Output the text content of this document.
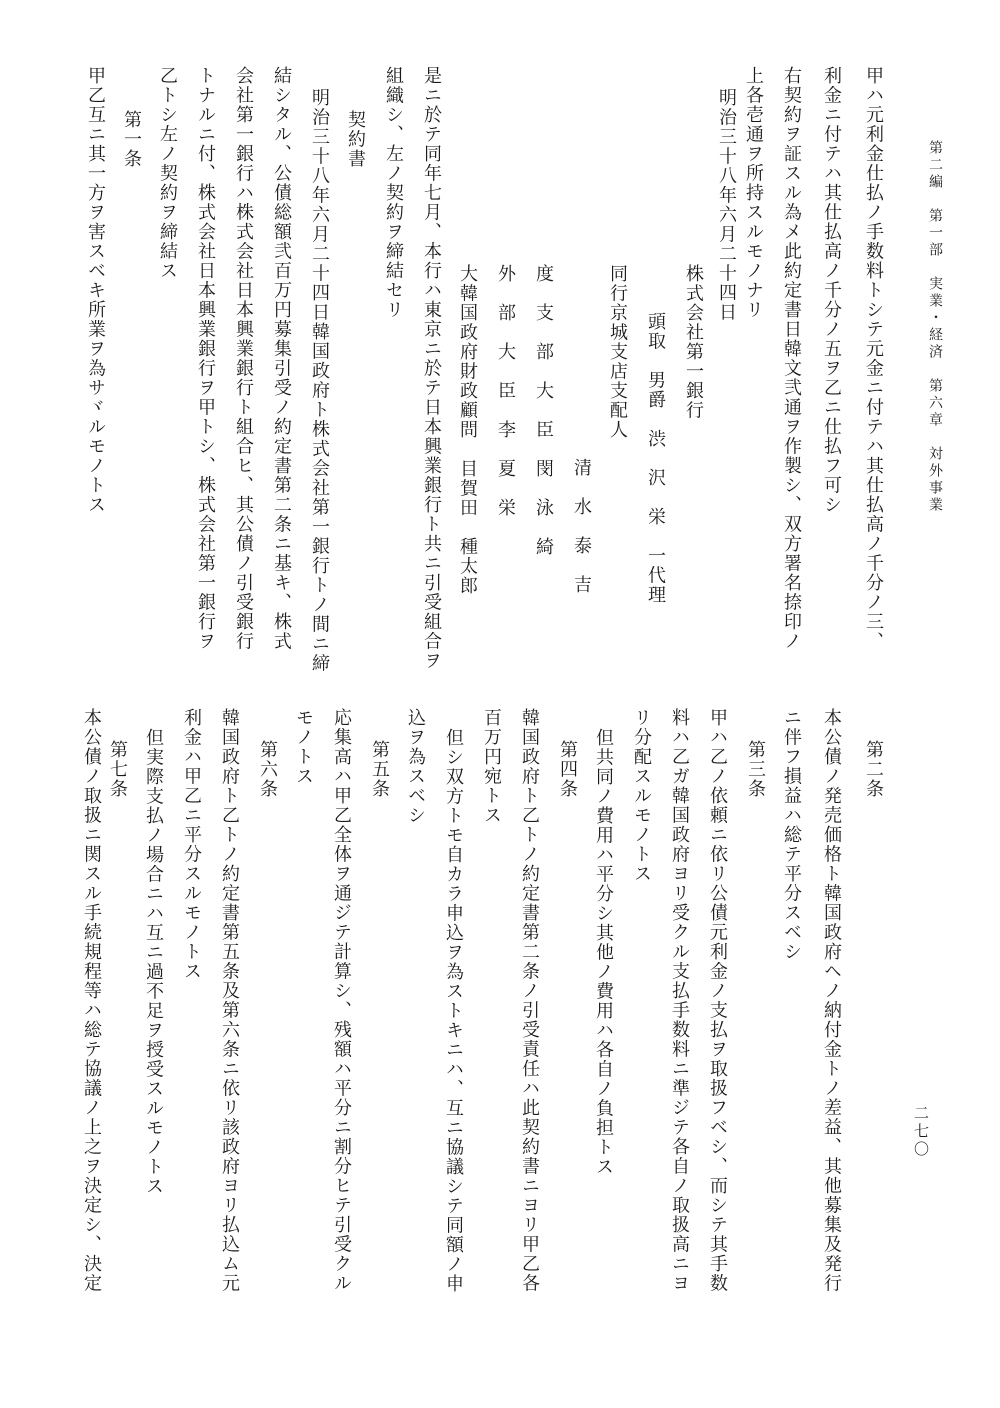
第二編　第一部　実業・経済　第六章　対外事業
二七〇
甲ハ元利金仕払ノ手数料トシテ元金ニ付テハ其仕払高ノ千分ノ三、
利金ニ付テハ其仕払高ノ千分ノ五ヲ乙ニ仕払フ可シ
右契約ヲ証スル為メ此約定書日韓文弐通ヲ作製シ、双方署名捺印ノ
上各壱通ヲ所持スルモノナリ
明治三十八年六月二十四日
株式会社第一銀行
頭取　男爵　渋　沢　栄　一代理
同行京城支店支配人
清　水　泰　吉
度　支　部　大　臣　閔　泳　綺
外　部　大　臣　李　夏　栄
大韓国政府財政顧問　目賀田　種太郎
是ニ於テ同年七月、本行ハ東京ニ於テ日本興業銀行ト共ニ引受組合ヲ
組織シ、左ノ契約ヲ締結セリ
契約書
明治三十八年六月二十四日韓国政府ト株式会社第一銀行トノ間ニ締
結シタル、公債総額弐百万円募集引受ノ約定書第二条ニ基キ、株式
会社第一銀行ハ株式会社日本興業銀行ト組合ヒ、其公債ノ引受銀行
トナルニ付、株式会社日本興業銀行ヲ甲トシ、株式会社第一銀行ヲ
乙トシ左ノ契約ヲ締結ス
第一条
甲乙互ニ其一方ヲ害スベキ所業ヲ為サヾルモノトス
第二条
本公債ノ発売価格ト韓国政府ヘノ納付金トノ差益、其他募集及発行
ニ伴フ損益ハ総テ平分スベシ
第三条
甲ハ乙ノ依頼ニ依リ公債元利金ノ支払ヲ取扱フベシ、而シテ其手数
料ハ乙ガ韓国政府ヨリ受クル支払手数料ニ準ジテ各自ノ取扱高ニヨ
リ分配スルモノトス
但共同ノ費用ハ平分シ其他ノ費用ハ各自ノ負担トス
第四条
韓国政府ト乙トノ約定書第二条ノ引受責任ハ此契約書ニヨリ甲乙各
百万円宛トス
但シ双方トモ自カラ申込ヲ為ストキニハ、互ニ協議シテ同額ノ申
込ヲ為スベシ
第五条
応集高ハ甲乙全体ヲ通ジテ計算シ、残額ハ平分ニ割分ヒテ引受クル
モノトス
第六条
韓国政府ト乙トノ約定書第五条及第六条ニ依リ該政府ヨリ払込ム元
利金ハ甲乙ニ平分スルモノトス
但実際支払ノ場合ニハ互ニ過不足ヲ授受スルモノトス
第七条
本公債ノ取扱ニ関スル手続規程等ハ総テ協議ノ上之ヲ決定シ、決定
